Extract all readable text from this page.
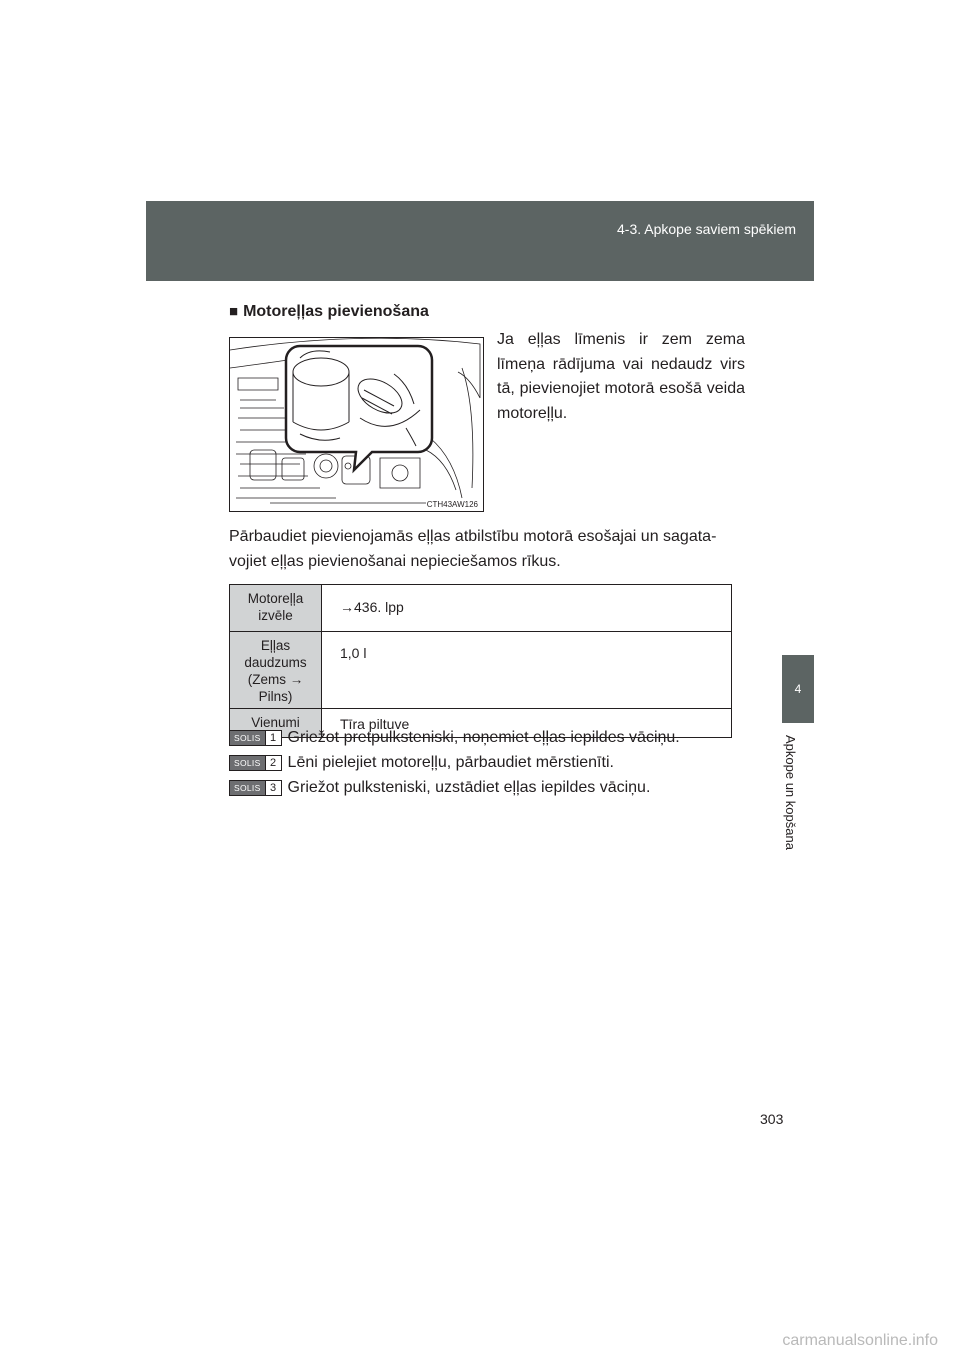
4-3. Apkope saviem spēkiem
4
Apkope un kopšana
■ Motoreļļas pievienošana
CTH43AW126

Ja eļļas līmenis ir zem zema līmeņa rādījuma vai nedaudz virs tā, pievienojiet motorā esošā veida motoreļļu.

Pārbaudiet pievienojamās eļļas atbilstību motorā esošajai un sagata-vojiet eļļas pievienošanai nepieciešamos rīkus.

Motoreļļa izvēle	→436. lpp
Eļļas daudzums (Zems → Pilns)	1,0 l
Vienumi	Tīra piltuve
SOLIS 1 Griežot pretpulksteniski, noņemiet eļļas iepildes vāciņu.
SOLIS 2 Lēni pielejiet motoreļļu, pārbaudiet mērstienīti.
SOLIS 3 Griežot pulksteniski, uzstādiet eļļas iepildes vāciņu.
303
carmanualsonline.info
